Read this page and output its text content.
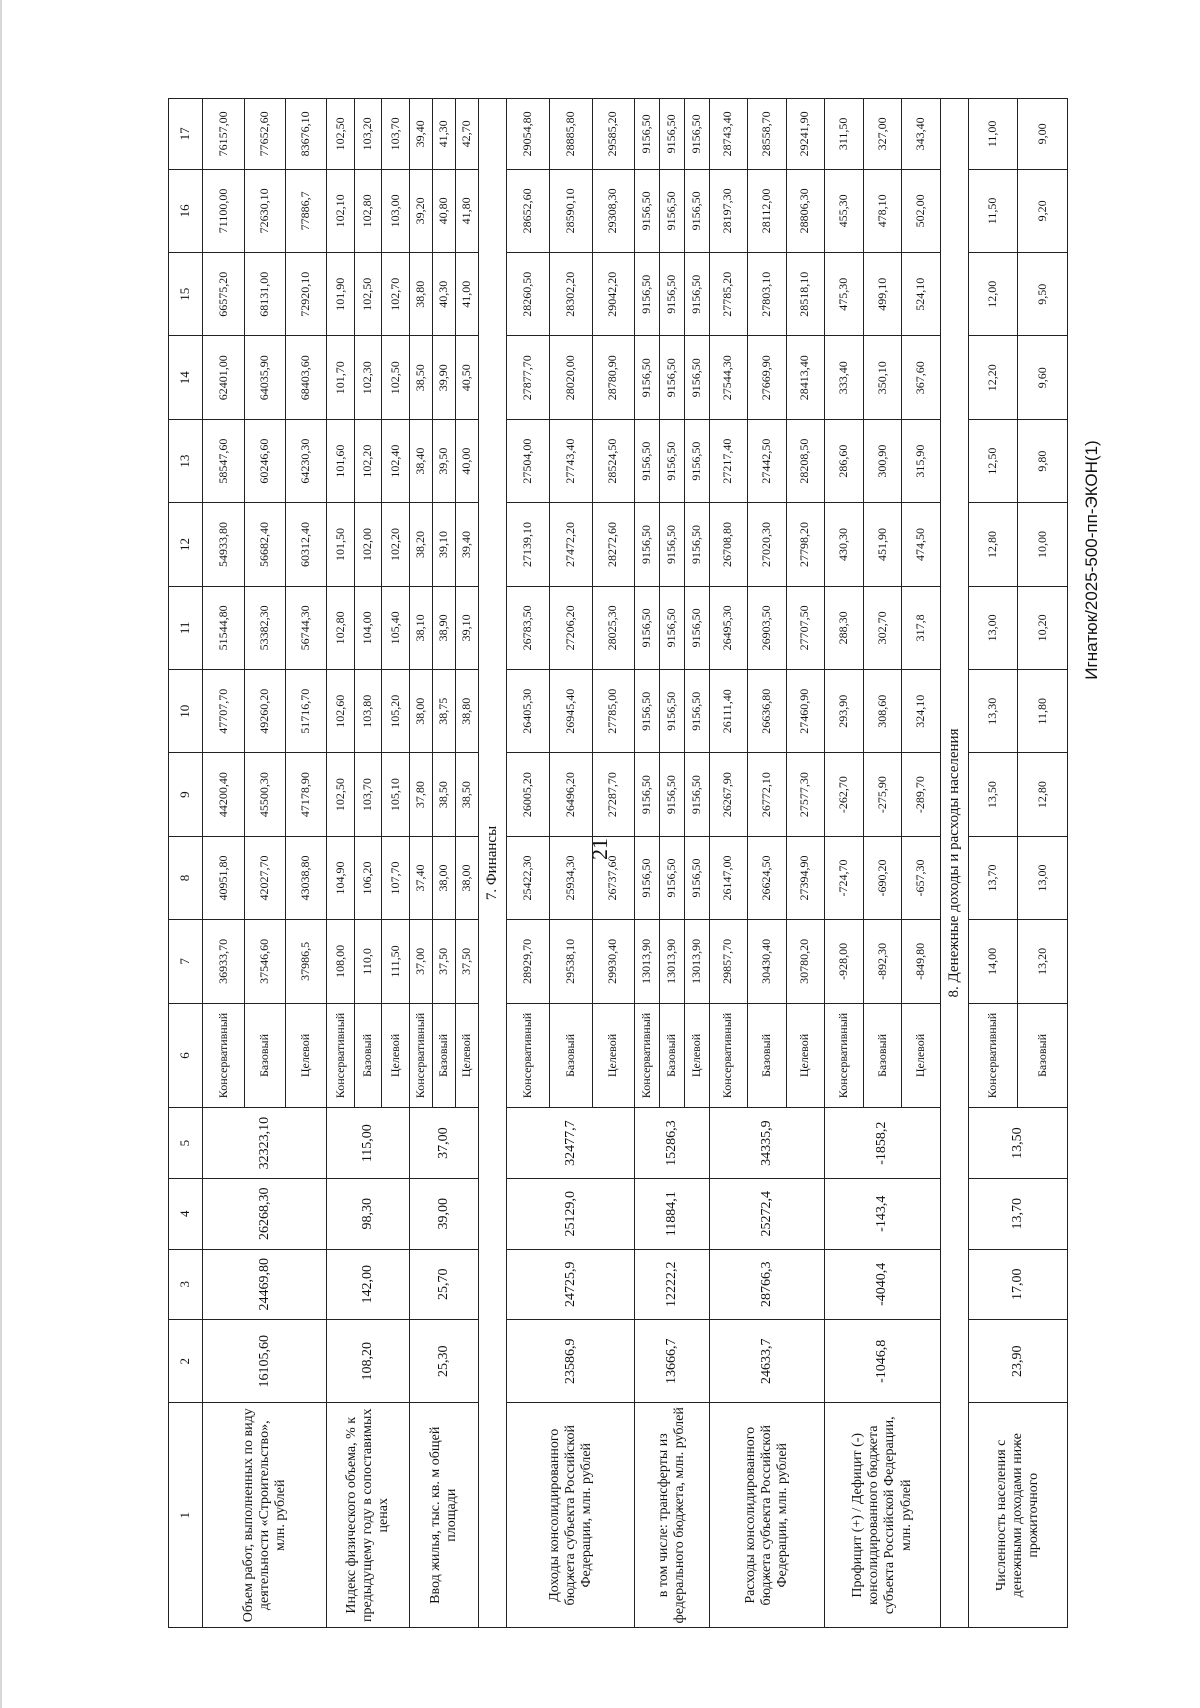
21
Игнатюк/2025-500-пп-ЭКОН(1)
1	2	3	4	5	6	7	8	9	10	11	12	13	14	15	16	17
Объем работ, выполненных по виду деятельности «Строительство», млн. рублей	16105,60	24469,80	26268,30	32323,10	Консервативный	36933,70	40951,80	44200,40	47707,70	51544,80	54933,80	58547,60	62401,00	66575,20	71100,00	76157,00
					Базовый	37546,60	42027,70	45500,30	49260,20	53382,30	56682,40	60246,60	64035,90	68131,00	72630,10	77652,60
					Целевой	37986,5	43038,80	47178,90	51716,70	56744,30	60312,40	64230,30	68403,60	72920,10	77886,7	83676,10
Индекс физического объема, % к предыдущему году в сопоставимых ценах	108,20	142,00	98,30	115,00	Консервативный	108,00	104,90	102,50	102,60	102,80	101,50	101,60	101,70	101,90	102,10	102,50
					Базовый	110,0	106,20	103,70	103,80	104,00	102,00	102,20	102,30	102,50	102,80	103,20
					Целевой	111,50	107,70	105,10	105,20	105,40	102,20	102,40	102,50	102,70	103,00	103,70
Ввод жилья, тыс. кв. м общей площади	25,30	25,70	39,00	37,00	Консервативный	37,00	37,40	37,80	38,00	38,10	38,20	38,40	38,50	38,80	39,20	39,40
					Базовый	37,50	38,00	38,50	38,75	38,90	39,10	39,50	39,90	40,30	40,80	41,30
					Целевой	37,50	38,00	38,50	38,80	39,10	39,40	40,00	40,50	41,00	41,80	42,70
7. Финансы																
Доходы консолидированного бюджета субъекта Российской Федерации, млн. рублей	23586,9	24725,9	25129,0	32477,7	Консервативный	28929,70	25422,30	26005,20	26405,30	26783,50	27139,10	27504,00	27877,70	28260,50	28652,60	29054,80
					Базовый	29538,10	25934,30	26496,20	26945,40	27206,20	27472,20	27743,40	28020,00	28302,20	28590,10	28885,80
					Целевой	29930,40	26737,60	27287,70	27785,00	28025,30	28272,60	28524,50	28780,90	29042,20	29308,30	29585,20
в том числе: трансферты из федерального бюджета, млн. рублей	13666,7	12222,2	11884,1	15286,3	Консервативный	13013,90	9156,50	9156,50	9156,50	9156,50	9156,50	9156,50	9156,50	9156,50	9156,50	9156,50
					Базовый	13013,90	9156,50	9156,50	9156,50	9156,50	9156,50	9156,50	9156,50	9156,50	9156,50	9156,50
					Целевой	13013,90	9156,50	9156,50	9156,50	9156,50	9156,50	9156,50	9156,50	9156,50	9156,50	9156,50
Расходы консолидированного бюджета субъекта Российской Федерации, млн. рублей	24633,7	28766,3	25272,4	34335,9	Консервативный	29857,70	26147,00	26267,90	26111,40	26495,30	26708,80	27217,40	27544,30	27785,20	28197,30	28743,40
					Базовый	30430,40	26624,50	26772,10	26636,80	26903,50	27020,30	27442,50	27669,90	27803,10	28112,00	28558,70
					Целевой	30780,20	27394,90	27577,30	27460,90	27707,50	27798,20	28208,50	28413,40	28518,10	28806,30	29241,90
Профицит (+) / Дефицит (-) консолидированного бюджета субъекта Российской Федерации, млн. рублей	-1046,8	-4040,4	-143,4	-1858,2	Консервативный	-928,00	-724,70	-262,70	293,90	288,30	430,30	286,60	333,40	475,30	455,30	311,50
					Базовый	-892,30	-690,20	-275,90	308,60	302,70	451,90	300,90	350,10	499,10	478,10	327,00
					Целевой	-849,80	-657,30	-289,70	324,10	317,8	474,50	315,90	367,60	524,10	502,00	343,40
8. Денежные доходы и расходы населения																
Численность населения с денежными доходами ниже прожиточного	23,90	17,00	13,70	13,50	Консервативный	14,00	13,70	13,50	13,30	13,00	12,80	12,50	12,20	12,00	11,50	11,00
					Базовый	13,20	13,00	12,80	11,80	10,20	10,00	9,80	9,60	9,50	9,20	9,00
